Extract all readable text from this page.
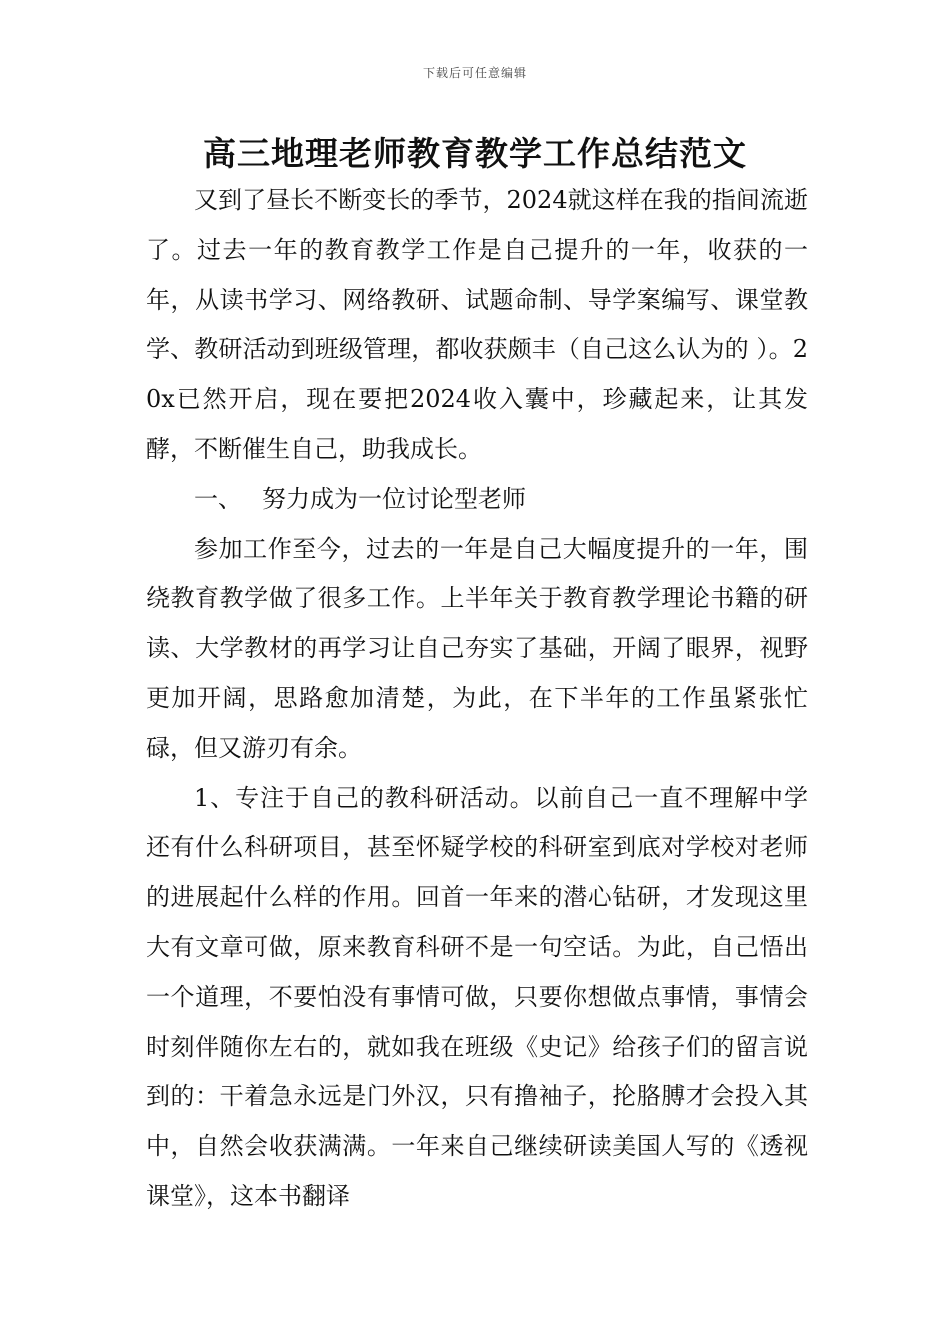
下载后可任意编辑
高三地理老师教育教学工作总结范文

又到了昼长不断变长的季节，2024就这样在我的指间流逝了。过去一年的教育教学工作是自己提升的一年，收获的一年，从读书学习、网络教研、试题命制、导学案编写、课堂教学、教研活动到班级管理，都收获颇丰（自己这么认为的 ）。20x已然开启，现在要把2024收入囊中，珍藏起来，让其发酵，不断催生自己，助我成长。

一、 努力成为一位讨论型老师

参加工作至今，过去的一年是自己大幅度提升的一年，围绕教育教学做了很多工作。上半年关于教育教学理论书籍的研读、大学教材的再学习让自己夯实了基础，开阔了眼界，视野更加开阔，思路愈加清楚，为此，在下半年的工作虽紧张忙碌，但又游刃有余。

1、专注于自己的教科研活动。以前自己一直不理解中学还有什么科研项目，甚至怀疑学校的科研室到底对学校对老师的进展起什么样的作用。回首一年来的潜心钻研，才发现这里大有文章可做，原来教育科研不是一句空话。为此，自己悟出一个道理，不要怕没有事情可做，只要你想做点事情，事情会时刻伴随你左右的，就如我在班级《史记》给孩子们的留言说到的：干着急永远是门外汉，只有撸袖子，抡胳膊才会投入其中，自然会收获满满。一年来自己继续研读美国人写的《透视课堂》，这本书翻译
